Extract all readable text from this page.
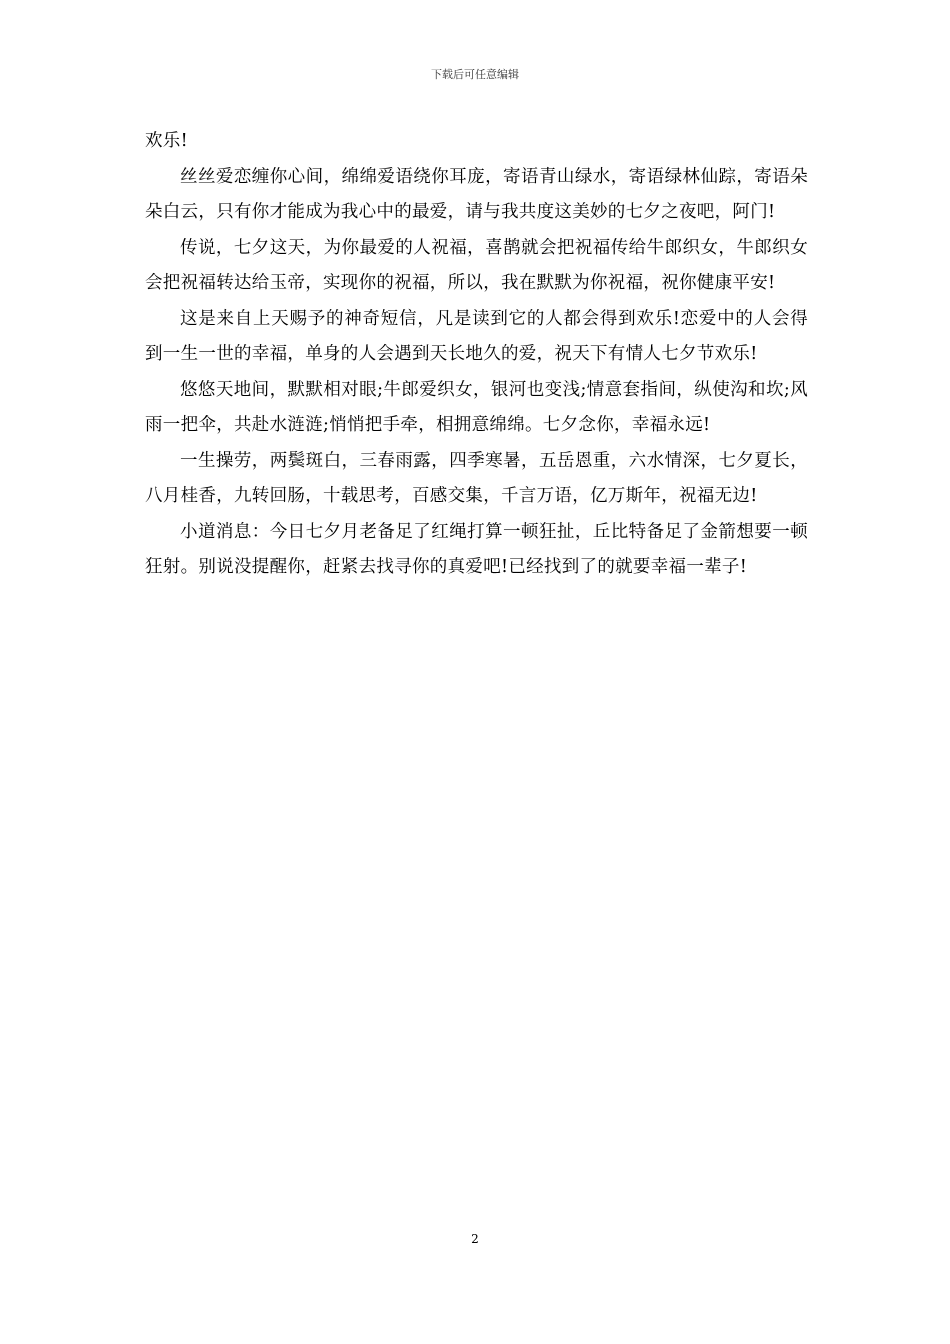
下载后可任意编辑

欢乐!

丝丝爱恋缠你心间，绵绵爱语绕你耳庞，寄语青山绿水，寄语绿林仙踪，寄语朵朵白云，只有你才能成为我心中的最爱，请与我共度这美妙的七夕之夜吧，阿门!

传说，七夕这天，为你最爱的人祝福，喜鹊就会把祝福传给牛郎织女，牛郎织女会把祝福转达给玉帝，实现你的祝福，所以，我在默默为你祝福，祝你健康平安!

这是来自上天赐予的神奇短信，凡是读到它的人都会得到欢乐!恋爱中的人会得到一生一世的幸福，单身的人会遇到天长地久的爱，祝天下有情人七夕节欢乐!

悠悠天地间，默默相对眼;牛郎爱织女，银河也变浅;情意套指间，纵使沟和坎;风雨一把伞，共赴水涟涟;悄悄把手牵，相拥意绵绵。七夕念你，幸福永远!

一生操劳，两鬓斑白，三春雨露，四季寒暑，五岳恩重，六水情深，七夕夏长，八月桂香，九转回肠，十载思考，百感交集，千言万语，亿万斯年，祝福无边!

小道消息：今日七夕月老备足了红绳打算一顿狂扯，丘比特备足了金箭想要一顿狂射。别说没提醒你，赶紧去找寻你的真爱吧!已经找到了的就要幸福一辈子!

2
